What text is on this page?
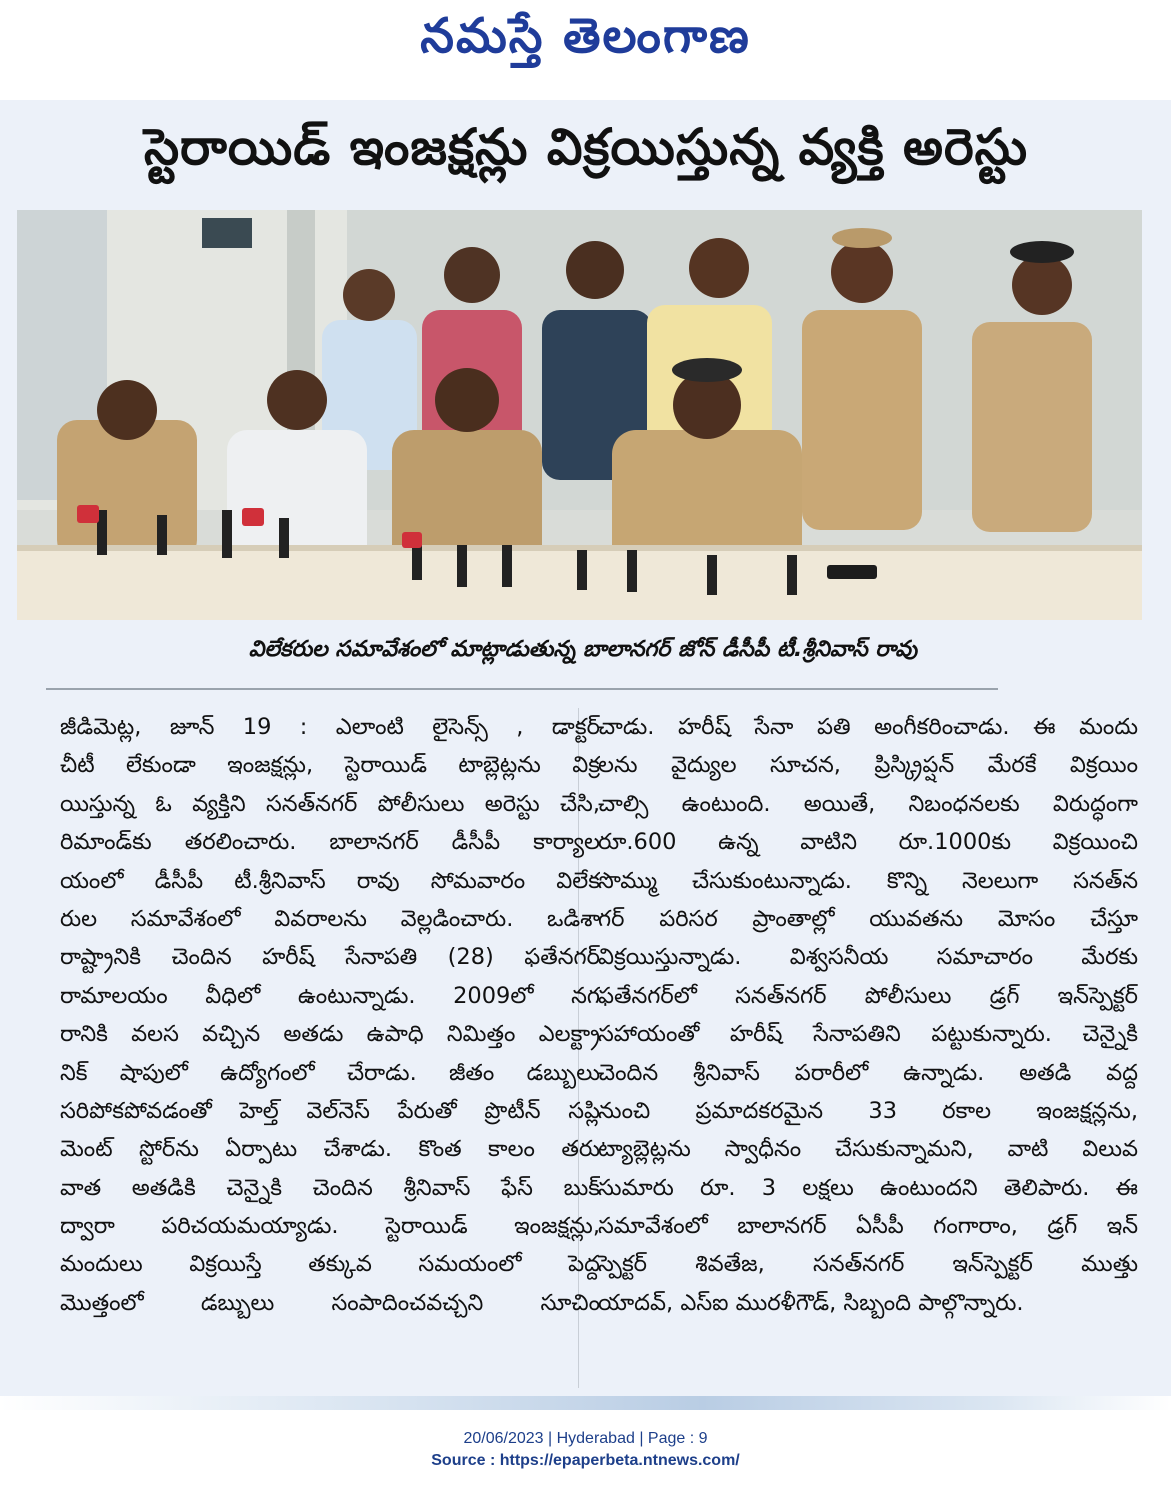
నమస్తే తెలంగాణ
స్టెరాయిడ్ ఇంజక్షన్లు విక్రయిస్తున్న వ్యక్తి అరెస్టు
విలేకరుల సమావేశంలో మాట్లాడుతున్న బాలానగర్ జోన్ డీసీపీ టీ.శ్రీనివాస్ రావు
జీడిమెట్ల, జూన్ 19 : ఎలాంటి లైసెన్స్ , డాక్టర్
చీటీ లేకుండా ఇంజక్షన్లు, స్టెరాయిడ్ టాబ్లెట్లను విక్ర
యిస్తున్న ఓ వ్యక్తిని సనత్‌నగర్ పోలీసులు అరెస్టు చేసి,
రిమాండ్‌కు తరలించారు. బాలానగర్ డీసీపీ కార్యాల
యంలో డీసీపీ టీ.శ్రీనివాస్ రావు సోమవారం విలేక
రుల సమావేశంలో వివరాలను వెల్లడించారు. ఒడిశా
రాష్ట్రానికి చెందిన హరీష్ సేనాపతి (28) ఫతేనగర్
రామాలయం వీధిలో ఉంటున్నాడు. 2009లో నగ
రానికి వలస వచ్చిన అతడు ఉపాధి నిమిత్తం ఎలక్ట్రా
నిక్ షాపులో ఉద్యోగంలో చేరాడు. జీతం డబ్బులు
సరిపోకపోవడంతో హెల్త్ వెల్‌నెస్ పేరుతో ప్రొటీన్ సప్లి
మెంట్ స్టోర్‌ను ఏర్పాటు చేశాడు. కొంత కాలం తరు
వాత అతడికి చెన్నైకి చెందిన శ్రీనివాస్ ఫేస్ బుక్
ద్వారా పరిచయమయ్యాడు. స్టెరాయిడ్ ఇంజక్షన్లు,
మందులు విక్రయిస్తే తక్కువ సమయంలో పెద్ద
మొత్తంలో డబ్బులు సంపాదించవచ్చని సూచిం
చాడు. హరీష్ సేనా పతి అంగీకరించాడు. ఈ మందు
లను వైద్యుల సూచన, ప్రిస్క్రిప్షన్ మేరకే విక్రయిం
చాల్సి ఉంటుంది. అయితే, నిబంధనలకు విరుద్ధంగా
రూ.600 ఉన్న వాటిని రూ.1000కు విక్రయించి
సొమ్ము చేసుకుంటున్నాడు. కొన్ని నెలలుగా సనత్‌న
గర్ పరిసర ప్రాంతాల్లో యువతను మోసం చేస్తూ
విక్రయిస్తున్నాడు. విశ్వసనీయ సమాచారం మేరకు
ఫతేనగర్‌లో సనత్‌నగర్ పోలీసులు డ్రగ్ ఇన్‌స్పెక్టర్
సహాయంతో హరీష్ సేనాపతిని పట్టుకున్నారు. చెన్నైకి
చెందిన శ్రీనివాస్ పరారీలో ఉన్నాడు. అతడి వద్ద
నుంచి ప్రమాదకరమైన 33 రకాల ఇంజక్షన్లను,
ట్యాబ్లెట్లను స్వాధీనం చేసుకున్నామని, వాటి విలువ
సుమారు రూ. 3 లక్షలు ఉంటుందని తెలిపారు. ఈ
సమావేశంలో బాలానగర్ ఏసీపీ గంగారాం, డ్రగ్ ఇన్
స్పెక్టర్ శివతేజ, సనత్‌నగర్ ఇన్‌స్పెక్టర్ ముత్తు
యాదవ్, ఎస్ఐ మురళీగౌడ్, సిబ్బంది పాల్గొన్నారు.
20/06/2023 | Hyderabad | Page : 9
Source : https://epaperbeta.ntnews.com/
